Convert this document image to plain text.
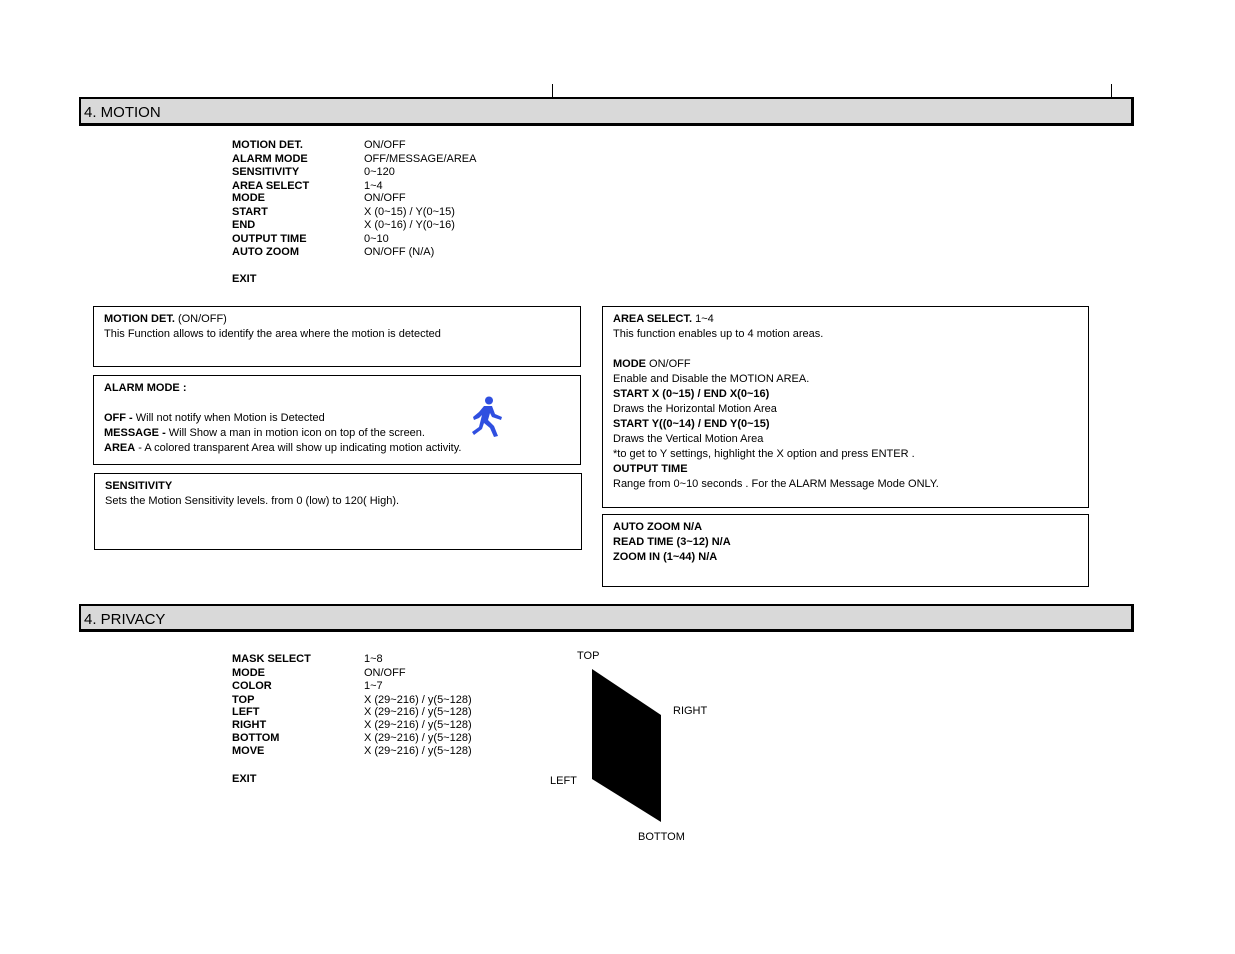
4. MOTION
MOTION DET.	ON/OFF
ALARM MODE	OFF/MESSAGE/AREA
SENSITIVITY	0~120
AREA SELECT	1~4
MODE	ON/OFF
START	X (0~15) / Y(0~15)
END	X (0~16) / Y(0~16)
OUTPUT TIME	0~10
AUTO ZOOM	ON/OFF (N/A)
EXIT
MOTION DET. (ON/OFF)
This Function allows to identify the area where the motion is detected
ALARM MODE :
OFF - Will not notify when Motion is Detected
MESSAGE - Will Show a man in motion icon on top of the screen.
AREA - A colored transparent Area will show up indicating motion activity.
SENSITIVITY
Sets the Motion Sensitivity levels. from 0 (low) to 120( High).
AREA SELECT. 1~4
This function enables up to 4 motion areas.
MODE ON/OFF
Enable and Disable the MOTION AREA.
START X (0~15) / END X(0~16)
Draws the Horizontal Motion Area
START Y((0~14) / END Y(0~15)
Draws the Vertical Motion Area
*to get to Y settings, highlight the X option and press ENTER .
OUTPUT TIME
Range from 0~10 seconds . For the ALARM Message Mode ONLY.
AUTO ZOOM N/A
READ TIME (3~12) N/A
ZOOM IN (1~44) N/A
4. PRIVACY
MASK SELECT	1~8
MODE	ON/OFF
COLOR	1~7
TOP	X (29~216) / y(5~128)
LEFT	X (29~216) / y(5~128)
RIGHT	X (29~216) / y(5~128)
BOTTOM	X (29~216) / y(5~128)
MOVE	X (29~216) / y(5~128)
EXIT
TOP
RIGHT
LEFT
BOTTOM
